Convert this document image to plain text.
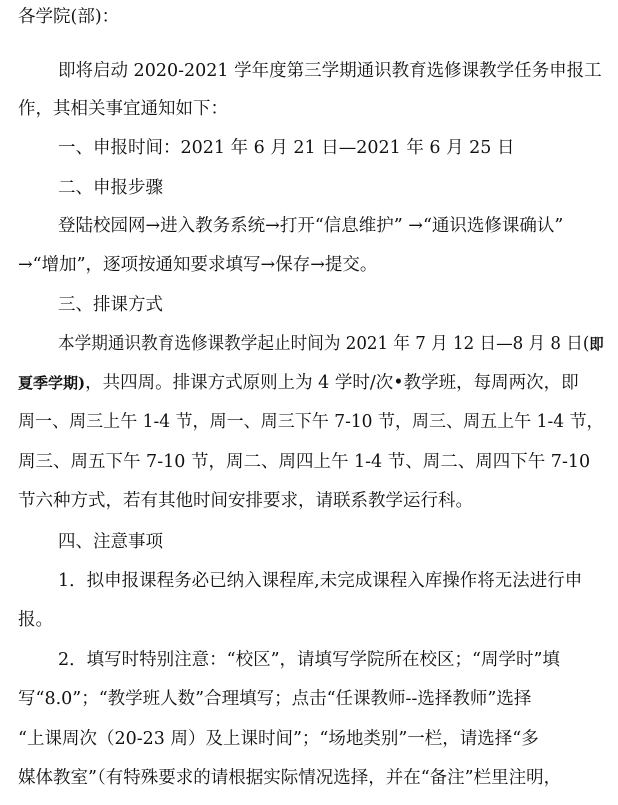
各学院(部)：
即将启动 2020-2021 学年度第三学期通识教育选修课教学任务申报工
作，其相关事宜通知如下：
一、申报时间：2021 年 6 月 21 日—2021 年 6 月 25 日
二、申报步骤
登陆校园网→进入教务系统→打开“信息维护” →“通识选修课确认”
→“增加”，逐项按通知要求填写→保存→提交。
三、排课方式
本学期通识教育选修课教学起止时间为 2021 年 7 月 12 日—8 月 8 日(即
夏季学期)，共四周。排课方式原则上为 4 学时/次•教学班，每周两次，即
周一、周三上午 1-4 节，周一、周三下午 7-10 节，周三、周五上午 1-4 节，
周三、周五下午 7-10 节，周二、周四上午 1-4 节、周二、周四下午 7-10
节六种方式，若有其他时间安排要求，请联系教学运行科。
四、注意事项
1．拟申报课程务必已纳入课程库,未完成课程入库操作将无法进行申
报。
2．填写时特别注意：“校区”，请填写学院所在校区；“周学时”填
写“8.0”；“教学班人数”合理填写；点击“任课教师--选择教师”选择
“上课周次（20-23 周）及上课时间”；“场地类别”一栏，请选择“多
媒体教室”（有特殊要求的请根据实际情况选择，并在“备注”栏里注明，
